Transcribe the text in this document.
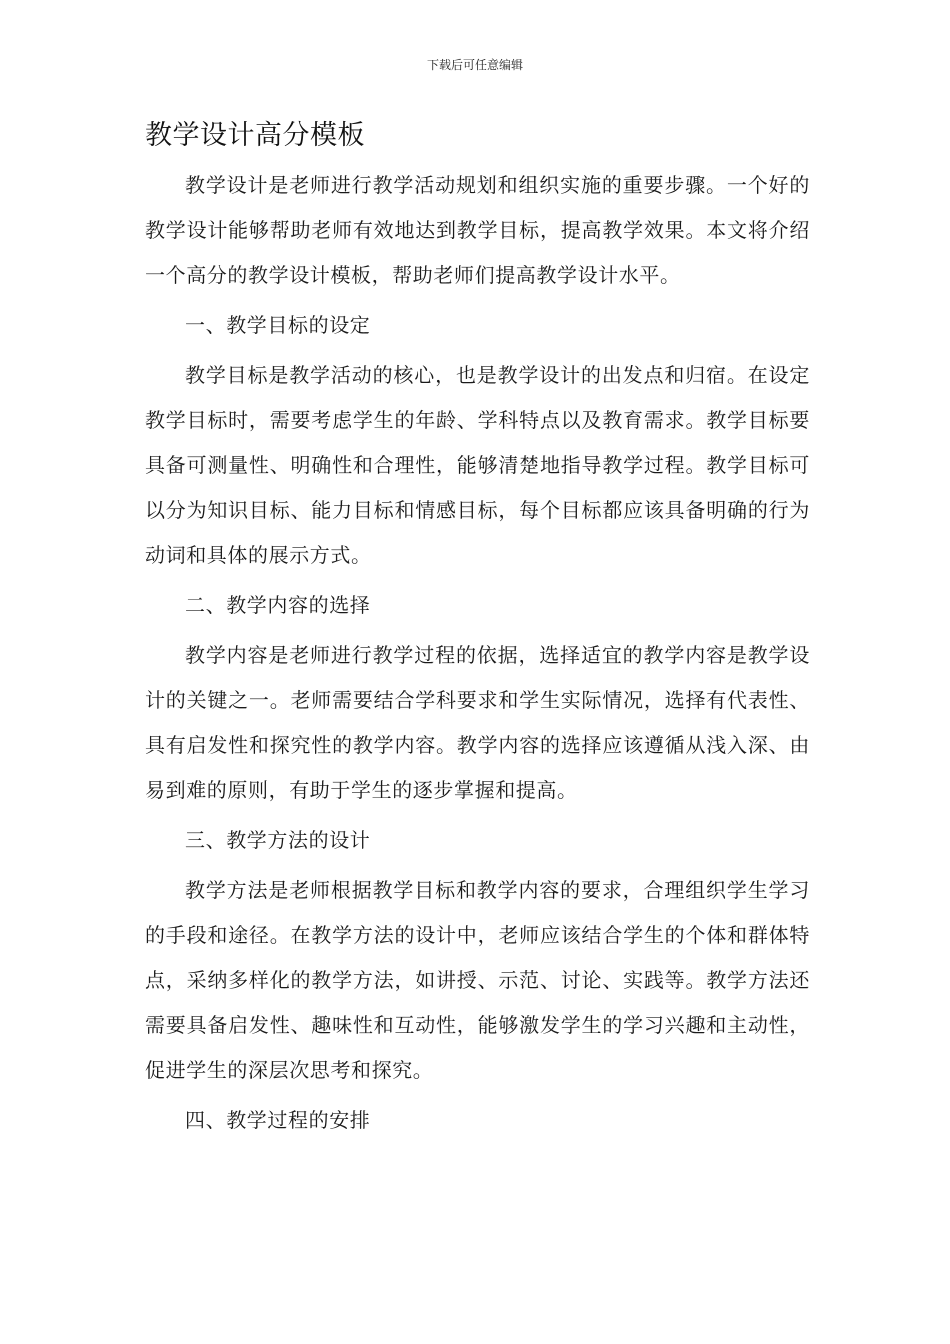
下载后可任意编辑
教学设计高分模板

教学设计是老师进行教学活动规划和组织实施的重要步骤。一个好的教学设计能够帮助老师有效地达到教学目标，提高教学效果。本文将介绍一个高分的教学设计模板，帮助老师们提高教学设计水平。

一、教学目标的设定

教学目标是教学活动的核心，也是教学设计的出发点和归宿。在设定教学目标时，需要考虑学生的年龄、学科特点以及教育需求。教学目标要具备可测量性、明确性和合理性，能够清楚地指导教学过程。教学目标可以分为知识目标、能力目标和情感目标，每个目标都应该具备明确的行为动词和具体的展示方式。

二、教学内容的选择

教学内容是老师进行教学过程的依据，选择适宜的教学内容是教学设计的关键之一。老师需要结合学科要求和学生实际情况，选择有代表性、具有启发性和探究性的教学内容。教学内容的选择应该遵循从浅入深、由易到难的原则，有助于学生的逐步掌握和提高。

三、教学方法的设计

教学方法是老师根据教学目标和教学内容的要求，合理组织学生学习的手段和途径。在教学方法的设计中，老师应该结合学生的个体和群体特点，采纳多样化的教学方法，如讲授、示范、讨论、实践等。教学方法还需要具备启发性、趣味性和互动性，能够激发学生的学习兴趣和主动性，促进学生的深层次思考和探究。

四、教学过程的安排
